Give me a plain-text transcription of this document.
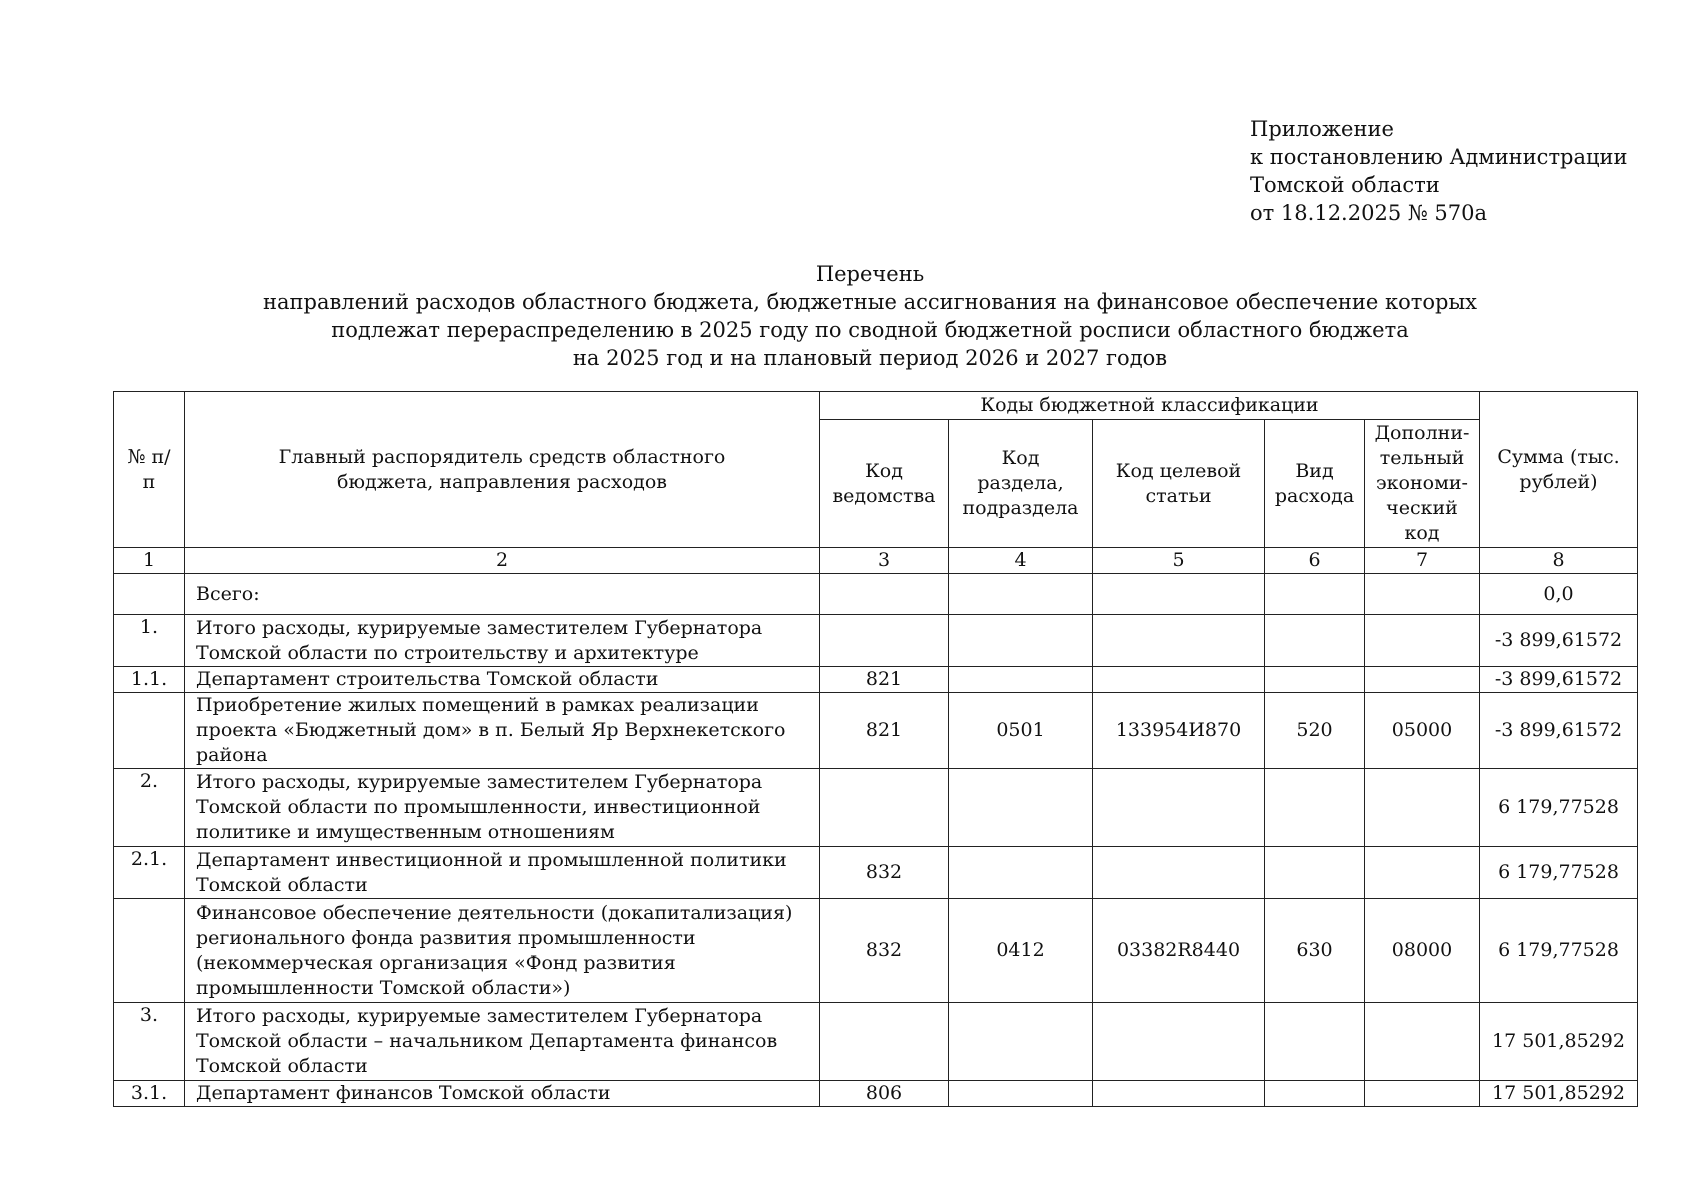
Приложение
к постановлению Администрации
Томской области
от 18.12.2025 № 570а
Перечень
направлений расходов областного бюджета, бюджетные ассигнования на финансовое обеспечение которых
подлежат перераспределению в 2025 году по сводной бюджетной росписи областного бюджета
на 2025 год и на плановый период 2026 и 2027 годов
№ п/п	Главный распорядитель средств областного бюджета, направления расходов	Коды бюджетной классификации					Сумма (тыс. рублей)
		Код ведомства	Код раздела, подраздела	Код целевой статьи	Вид расхода	Дополни-тельный экономи-ческий код	
1	2	3	4	5	6	7	8
	Всего:						0,0
1.	Итого расходы, курируемые заместителем Губернатора Томской области по строительству и архитектуре						-3 899,61572
1.1.	Департамент строительства Томской области	821					-3 899,61572
	Приобретение жилых помещений в рамках реализации проекта «Бюджетный дом» в п. Белый Яр Верхнекетского района	821	0501	133954И870	520	05000	-3 899,61572
2.	Итого расходы, курируемые заместителем Губернатора Томской области по промышленности, инвестиционной политике и имущественным отношениям						6 179,77528
2.1.	Департамент инвестиционной и промышленной политики Томской области	832					6 179,77528
	Финансовое обеспечение деятельности (докапитализация) регионального фонда развития промышленности (некоммерческая организация «Фонд развития промышленности Томской области»)	832	0412	03382R8440	630	08000	6 179,77528
3.	Итого расходы, курируемые заместителем Губернатора Томской области – начальником Департамента финансов Томской области						17 501,85292
3.1.	Департамент финансов Томской области	806					17 501,85292
